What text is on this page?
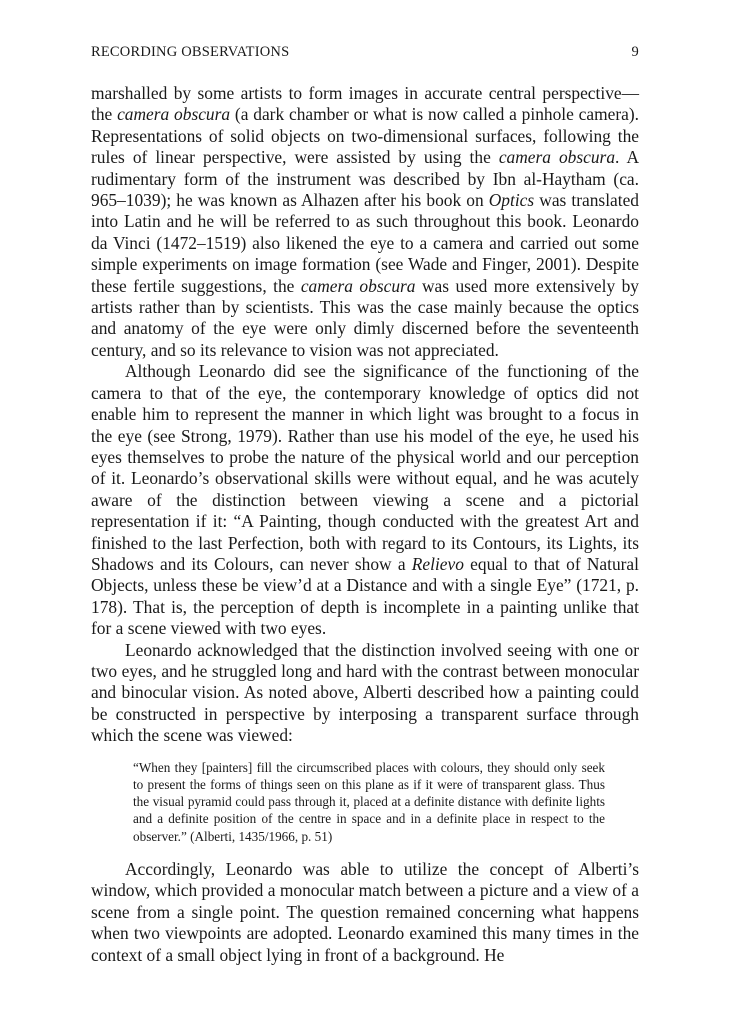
RECORDING OBSERVATIONS	9

marshalled by some artists to form images in accurate central perspective—the camera obscura (a dark chamber or what is now called a pinhole camera). Representations of solid objects on two-dimensional surfaces, following the rules of linear perspective, were assisted by using the camera obscura. A rudimentary form of the instrument was described by Ibn al-Haytham (ca. 965–1039); he was known as Alhazen after his book on Optics was translated into Latin and he will be referred to as such throughout this book. Leonardo da Vinci (1472–1519) also likened the eye to a camera and carried out some simple experiments on image formation (see Wade and Finger, 2001). Despite these fertile suggestions, the camera obscura was used more extensively by artists rather than by scientists. This was the case mainly because the optics and anatomy of the eye were only dimly discerned before the seventeenth century, and so its relevance to vision was not appreciated.

Although Leonardo did see the significance of the functioning of the camera to that of the eye, the contemporary knowledge of optics did not enable him to represent the manner in which light was brought to a focus in the eye (see Strong, 1979). Rather than use his model of the eye, he used his eyes themselves to probe the nature of the physical world and our perception of it. Leonardo’s observational skills were without equal, and he was acutely aware of the distinction between viewing a scene and a pictorial representation if it: “A Painting, though conducted with the greatest Art and finished to the last Perfection, both with regard to its Contours, its Lights, its Shadows and its Colours, can never show a Relievo equal to that of Natural Objects, unless these be view’d at a Distance and with a single Eye” (1721, p. 178). That is, the perception of depth is incomplete in a painting unlike that for a scene viewed with two eyes.

Leonardo acknowledged that the distinction involved seeing with one or two eyes, and he struggled long and hard with the contrast between monocular and binocular vision. As noted above, Alberti described how a painting could be constructed in perspective by interposing a transparent surface through which the scene was viewed:

“When they [painters] fill the circumscribed places with colours, they should only seek to present the forms of things seen on this plane as if it were of transparent glass. Thus the visual pyramid could pass through it, placed at a definite distance with definite lights and a definite position of the centre in space and in a definite place in respect to the observer.” (Alberti, 1435/1966, p. 51)

Accordingly, Leonardo was able to utilize the concept of Alberti’s window, which provided a monocular match between a picture and a view of a scene from a single point. The question remained concerning what happens when two viewpoints are adopted. Leonardo examined this many times in the context of a small object lying in front of a background. He
